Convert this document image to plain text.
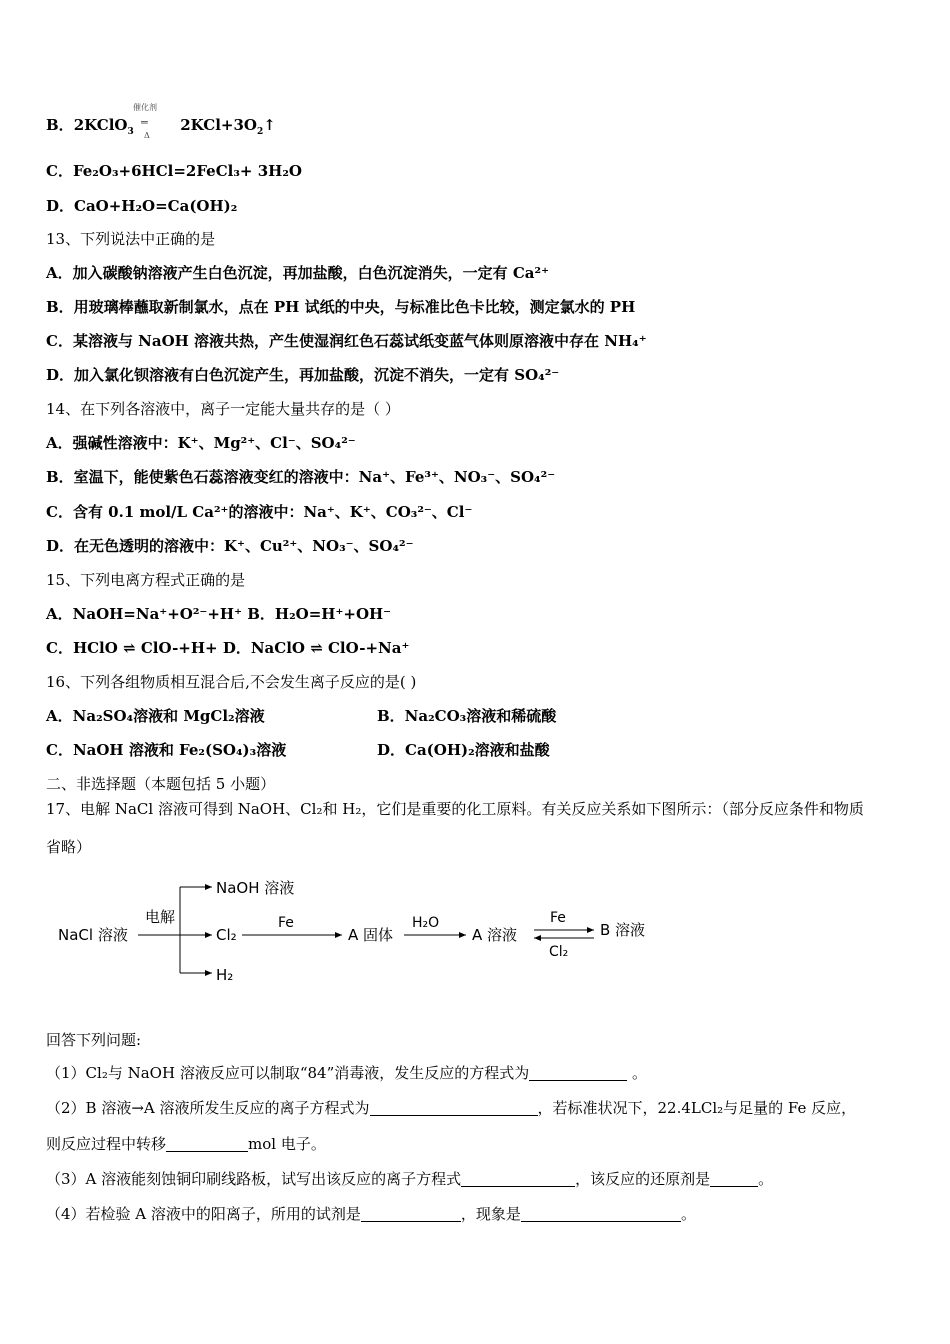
B．2KClO$_3$	$2KCl+3O_2↑$
催化剂
═
Δ
C．Fe₂O₃+6HCl=2FeCl₃+ 3H₂O
D．CaO+H₂O=Ca(OH)₂
13、下列说法中正确的是
A．加入碳酸钠溶液产生白色沉淀，再加盐酸，白色沉淀消失，一定有 Ca²⁺
B．用玻璃棒蘸取新制氯水，点在 PH 试纸的中央，与标准比色卡比较，测定氯水的 PH
C．某溶液与 NaOH 溶液共热，产生使湿润红色石蕊试纸变蓝气体则原溶液中存在 NH₄⁺
D．加入氯化钡溶液有白色沉淀产生，再加盐酸，沉淀不消失，一定有 SO₄²⁻
14、在下列各溶液中，离子一定能大量共存的是（ ）
A．强碱性溶液中：K⁺、Mg²⁺、Cl⁻、SO₄²⁻
B．室温下，能使紫色石蕊溶液变红的溶液中：Na⁺、Fe³⁺、NO₃⁻、SO₄²⁻
C．含有 0.1 mol/L Ca²⁺的溶液中：Na⁺、K⁺、CO₃²⁻、Cl⁻
D．在无色透明的溶液中：K⁺、Cu²⁺、NO₃⁻、SO₄²⁻
15、下列电离方程式正确的是
A．NaOH=Na⁺+O²⁻+H⁺ B．H₂O=H⁺+OH⁻
C．HClO ⇌ ClO-+H+ D．NaClO ⇌ ClO-+Na⁺
16、下列各组物质相互混合后,不会发生离子反应的是( )
A．Na₂SO₄溶液和 MgCl₂溶液	B．Na₂CO₃溶液和稀硫酸
C．NaOH 溶液和 Fe₂(SO₄)₃溶液	D．Ca(OH)₂溶液和盐酸
二、非选择题（本题包括 5 小题）
17、电解 NaCl 溶液可得到 NaOH、Cl₂和 H₂，它们是重要的化工原料。有关反应关系如下图所示：（部分反应条件和物质
省略）
NaCl 溶液
电解
NaOH 溶液
Cl₂
H₂
Fe
A 固体
H₂O
A 溶液
Fe
Cl₂
B 溶液
回答下列问题:
（1）Cl₂与 NaOH 溶液反应可以制取“84”消毒液，发生反应的方程式为	。
（2）B 溶液→A 溶液所发生反应的离子方程式为	，若标准状况下，22.4LCl₂与足量的 Fe 反应，
则反应过程中转移	mol 电子。
（3）A 溶液能刻蚀铜印刷线路板，试写出该反应的离子方程式	，该反应的还原剂是	。
（4）若检验 A 溶液中的阳离子，所用的试剂是	，现象是	。
